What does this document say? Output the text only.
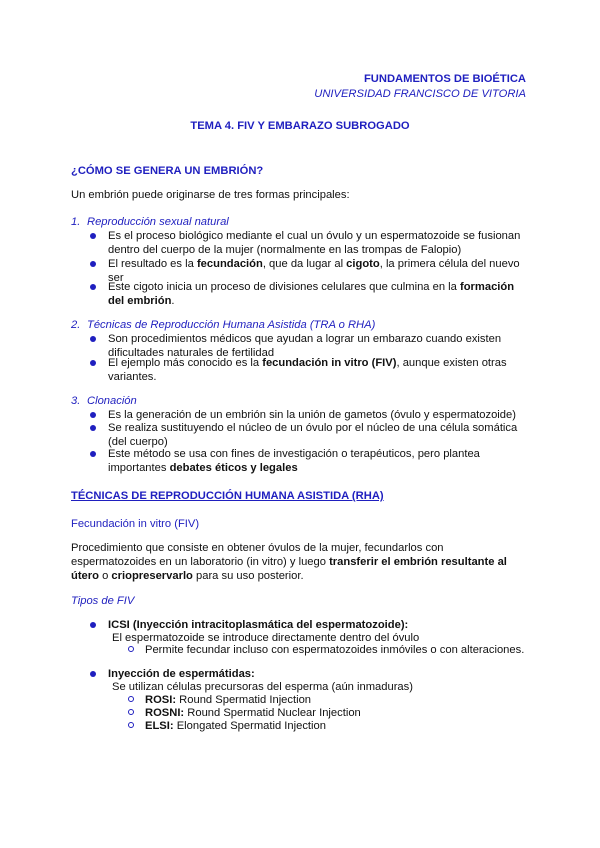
FUNDAMENTOS DE BIOÉTICA
UNIVERSIDAD FRANCISCO DE VITORIA
TEMA 4. FIV Y EMBARAZO SUBROGADO
¿CÓMO SE GENERA UN EMBRIÓN?
Un embrión puede originarse de tres formas principales:
1. Reproducción sexual natural

Es el proceso biológico mediante el cual un óvulo y un espermatozoide se fusionan dentro del cuerpo de la mujer (normalmente en las trompas de Falopio)

El resultado es la fecundación, que da lugar al cigoto, la primera célula del nuevo ser

Este cigoto inicia un proceso de divisiones celulares que culmina en la formación del embrión.

2. Técnicas de Reproducción Humana Asistida (TRA o RHA)

Son procedimientos médicos que ayudan a lograr un embarazo cuando existen dificultades naturales de fertilidad

El ejemplo más conocido es la fecundación in vitro (FIV), aunque existen otras variantes.

3. Clonación

Es la generación de un embrión sin la unión de gametos (óvulo y espermatozoide)

Se realiza sustituyendo el núcleo de un óvulo por el núcleo de una célula somática (del cuerpo)

Este método se usa con fines de investigación o terapéuticos, pero plantea importantes debates éticos y legales

TÉCNICAS DE REPRODUCCIÓN HUMANA ASISTIDA (RHA)
Fecundación in vitro (FIV)

Procedimiento que consiste en obtener óvulos de la mujer, fecundarlos con espermatozoides en un laboratorio (in vitro) y luego transferir el embrión resultante al útero o criopreservarlo para su uso posterior.

Tipos de FIV
ICSI (Inyección intracitoplasmática del espermatozoide):
El espermatozoide se introduce directamente dentro del óvulo
Permite fecundar incluso con espermatozoides inmóviles o con alteraciones.
Inyección de espermátidas:
Se utilizan células precursoras del esperma (aún inmaduras)
ROSI: Round Spermatid Injection
ROSNI: Round Spermatid Nuclear Injection
ELSI: Elongated Spermatid Injection
